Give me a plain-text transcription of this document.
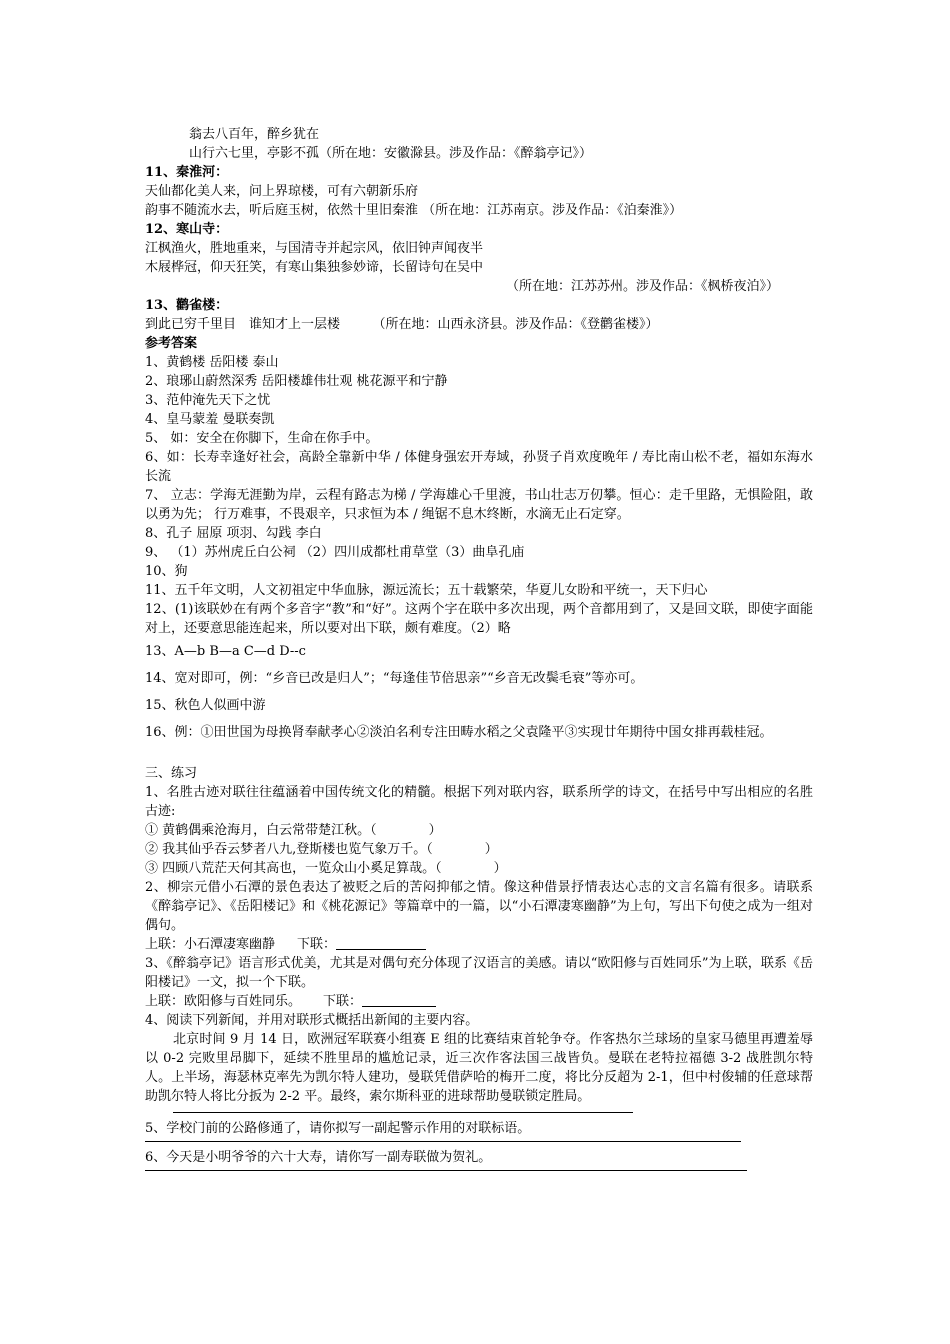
翁去八百年，醉乡犹在
山行六七里，亭影不孤（所在地：安徽滁县。涉及作品：《醉翁亭记》）
11、秦淮河：
天仙都化美人来，问上界琼楼，可有六朝新乐府
韵事不随流水去，听后庭玉树，依然十里旧秦淮 （所在地：江苏南京。涉及作品：《泊秦淮》）
12、寒山寺：
江枫渔火，胜地重来，与国清寺并起宗风，依旧钟声闻夜半
木屐桦冠，仰天狂笑，有寒山集独参妙谛，长留诗句在吴中
（所在地：江苏苏州。涉及作品：《枫桥夜泊》）
13、鹳雀楼：
到此已穷千里目　谁知才上一层楼　　　（所在地：山西永济县。涉及作品：《登鹳雀楼》）
参考答案
1、黄鹤楼 岳阳楼 泰山
2、琅琊山蔚然深秀 岳阳楼雄伟壮观 桃花源平和宁静
3、范仲淹先天下之忧
4、皇马蒙羞 曼联奏凯
5、 如：安全在你脚下，生命在你手中。
6、如：长寿幸逢好社会，高龄全靠新中华 / 体健身强宏开寿域，孙贤子肖欢度晚年 / 寿比南山松不老，福如东海水长流
7、 立志：学海无涯勤为岸，云程有路志为梯 / 学海雄心千里渡，书山壮志万仞攀。恒心：走千里路，无惧险阻，敢以勇为先； 行万难事，不畏艰辛，只求恒为本 / 绳锯不息木终断，水滴无止石定穿。
8、孔子 屈原 项羽、勾践 李白
9、 （1）苏州虎丘白公祠 （2）四川成都杜甫草堂（3）曲阜孔庙
10、狗
11、五千年文明，人文初祖定中华血脉，源远流长；五十载繁荣，华夏儿女盼和平统一，天下归心
12、(1)该联妙在有两个多音字“教”和“好”。这两个字在联中多次出现，两个音都用到了，又是回文联，即使字面能对上，还要意思能连起来，所以要对出下联，颇有难度。（2）略
13、A—b B—a C—d D--c
14、宽对即可，例：“乡音已改是归人”；“每逢佳节倍思亲”“乡音无改鬓毛衰”等亦可。
15、秋色人似画中游
16、例：①田世国为母换肾奉献孝心②淡泊名利专注田畴水稻之父袁隆平③实现廿年期待中国女排再载桂冠。
三、练习
1、名胜古迹对联往往蕴涵着中国传统文化的精髓。根据下列对联内容，联系所学的诗文，在括号中写出相应的名胜古迹:
① 黄鹤偶乘沧海月，白云常带楚江秋。（　　　　）
② 我其仙乎吞云梦者八九,登斯楼也览气象万千。（　　　　）
③ 四顾八荒茫天何其高也，一览众山小奚足算哉。（　　　　）
2、柳宗元借小石潭的景色表达了被贬之后的苦闷抑郁之情。像这种借景抒情表达心志的文言名篇有很多。请联系《醉翁亭记》、《岳阳楼记》和《桃花源记》等篇章中的一篇，以“小石潭凄寒幽静”为上句，写出下句使之成为一组对偶句。
上联：小石潭凄寒幽静 下联：
3、《醉翁亭记》语言形式优美，尤其是对偶句充分体现了汉语言的美感。请以“欧阳修与百姓同乐”为上联，联系《岳阳楼记》一文，拟一个下联。
上联：欧阳修与百姓同乐。 下联：
4、阅读下列新闻，并用对联形式概括出新闻的主要内容。
北京时间 9 月 14 日，欧洲冠军联赛小组赛 E 组的比赛结束首轮争夺。作客热尔兰球场的皇家马德里再遭羞辱以 0-2 完败里昂脚下，延续不胜里昂的尴尬记录，近三次作客法国三战皆负。曼联在老特拉福德 3-2 战胜凯尔特人。上半场，海瑟林克率先为凯尔特人建功，曼联凭借萨哈的梅开二度，将比分反超为 2-1，但中村俊辅的任意球帮助凯尔特人将比分扳为 2-2 平。最终，索尔斯科亚的进球帮助曼联锁定胜局。
5、学校门前的公路修通了，请你拟写一副起警示作用的对联标语。
6、今天是小明爷爷的六十大寿，请你写一副寿联做为贺礼。
